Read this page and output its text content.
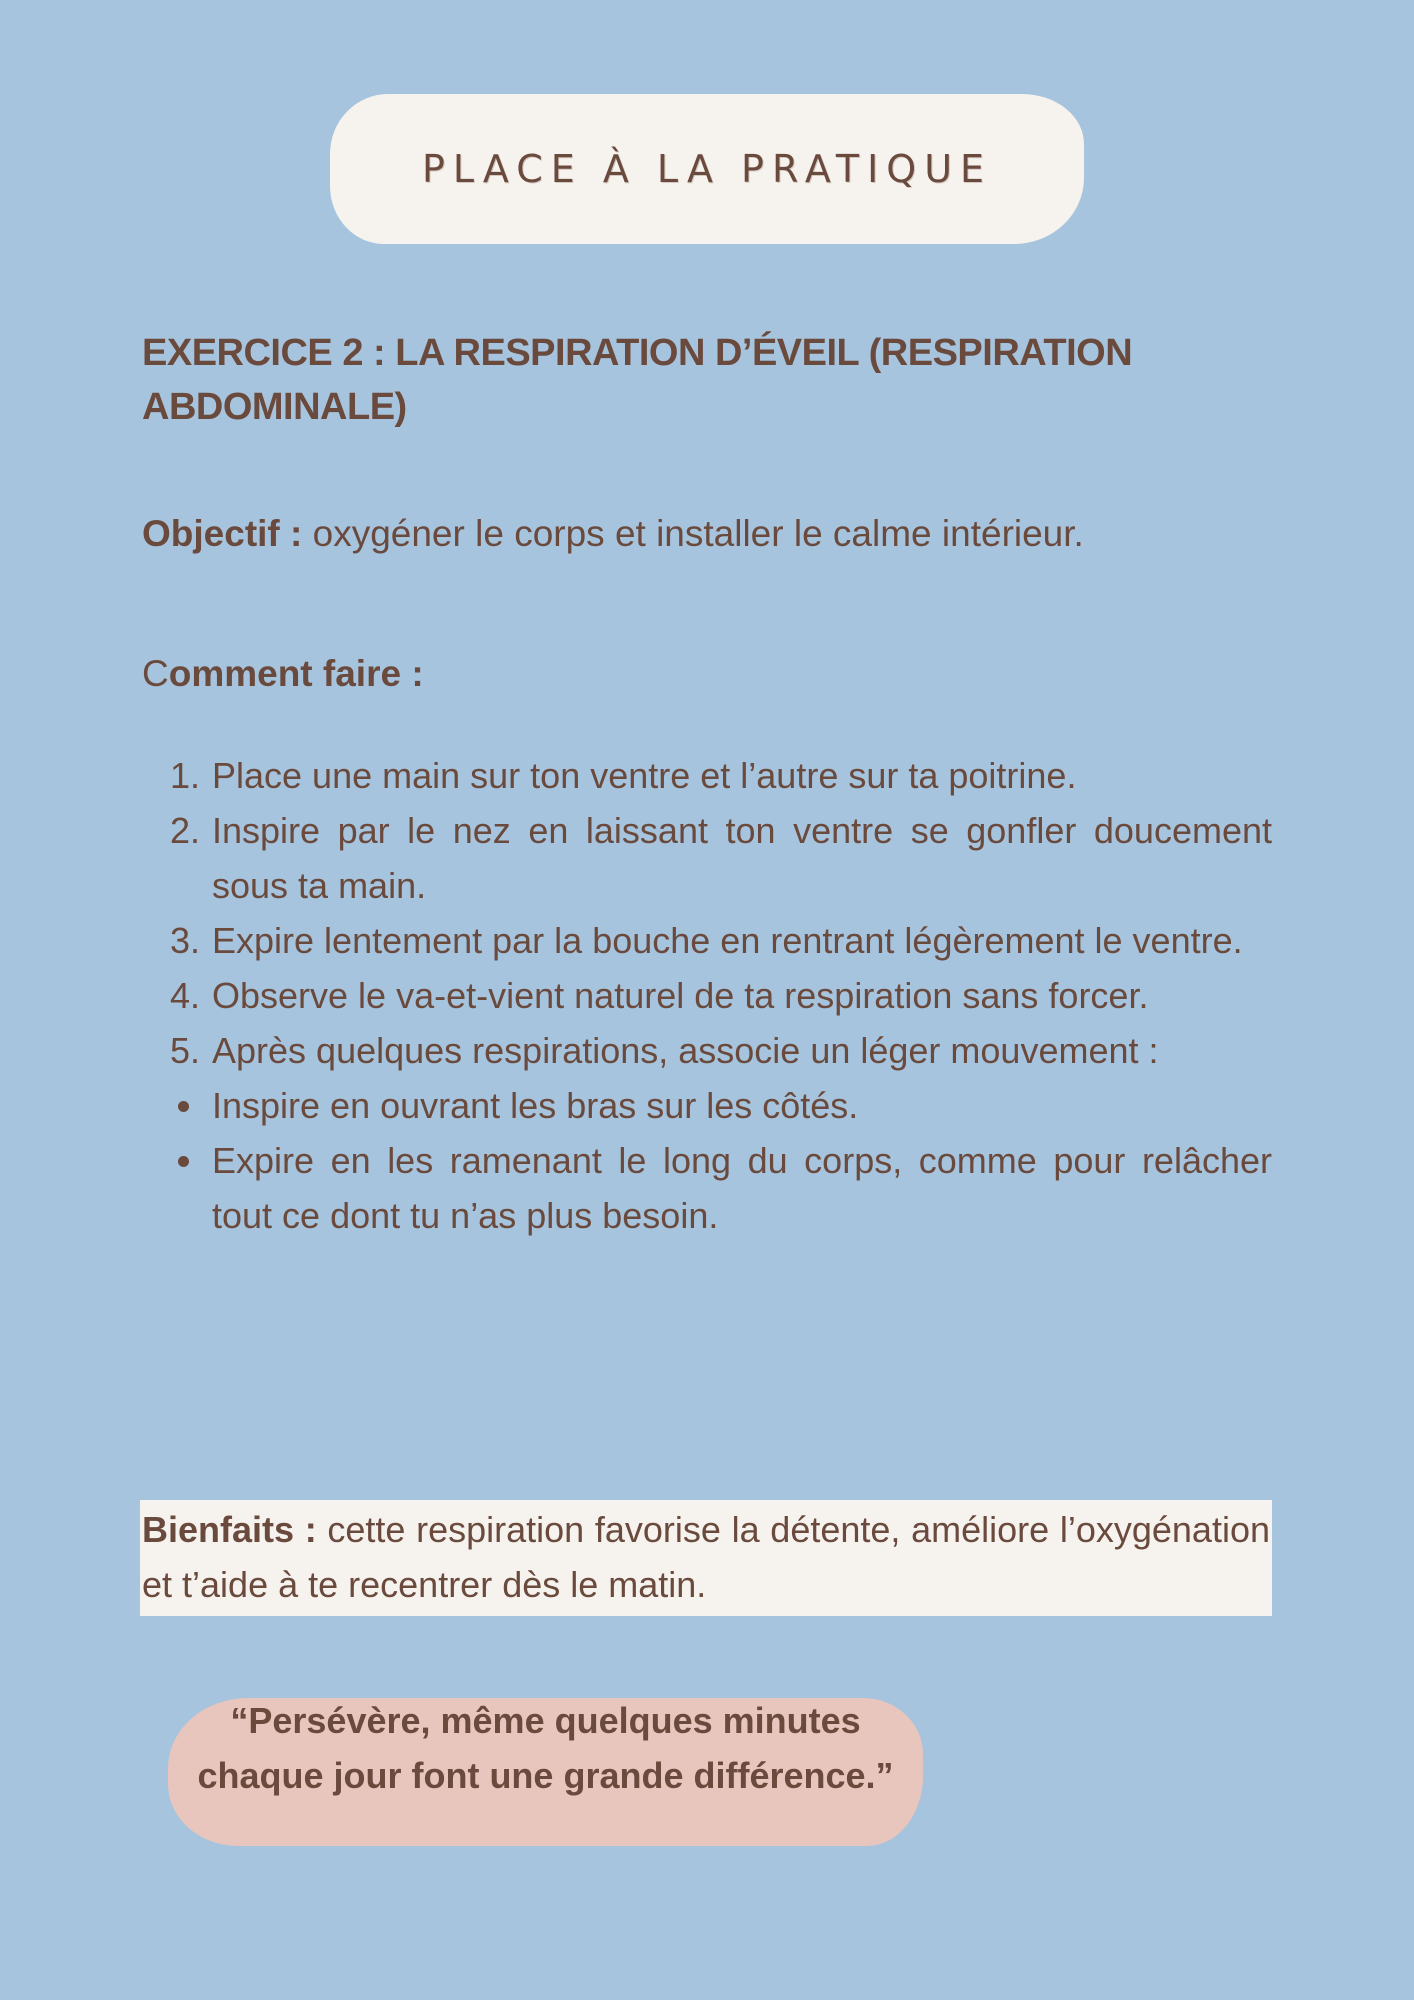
PLACE À LA PRATIQUE
EXERCICE 2 : LA RESPIRATION D’ÉVEIL (RESPIRATION ABDOMINALE)
Objectif : oxygéner le corps et installer le calme intérieur.
Comment faire :
1. Place une main sur ton ventre et l’autre sur ta poitrine.
2. Inspire par le nez en laissant ton ventre se gonfler doucement sous ta main.
3. Expire lentement par la bouche en rentrant légèrement le ventre.
4. Observe le va-et-vient naturel de ta respiration sans forcer.
5. Après quelques respirations, associe un léger mouvement :
Inspire en ouvrant les bras sur les côtés.
Expire en les ramenant le long du corps, comme pour relâcher tout ce dont tu n’as plus besoin.
Bienfaits : cette respiration favorise la détente, améliore l’oxygénation et t’aide à te recentrer dès le matin.
“Persévère, même quelques minutes chaque jour font une grande différence.”
